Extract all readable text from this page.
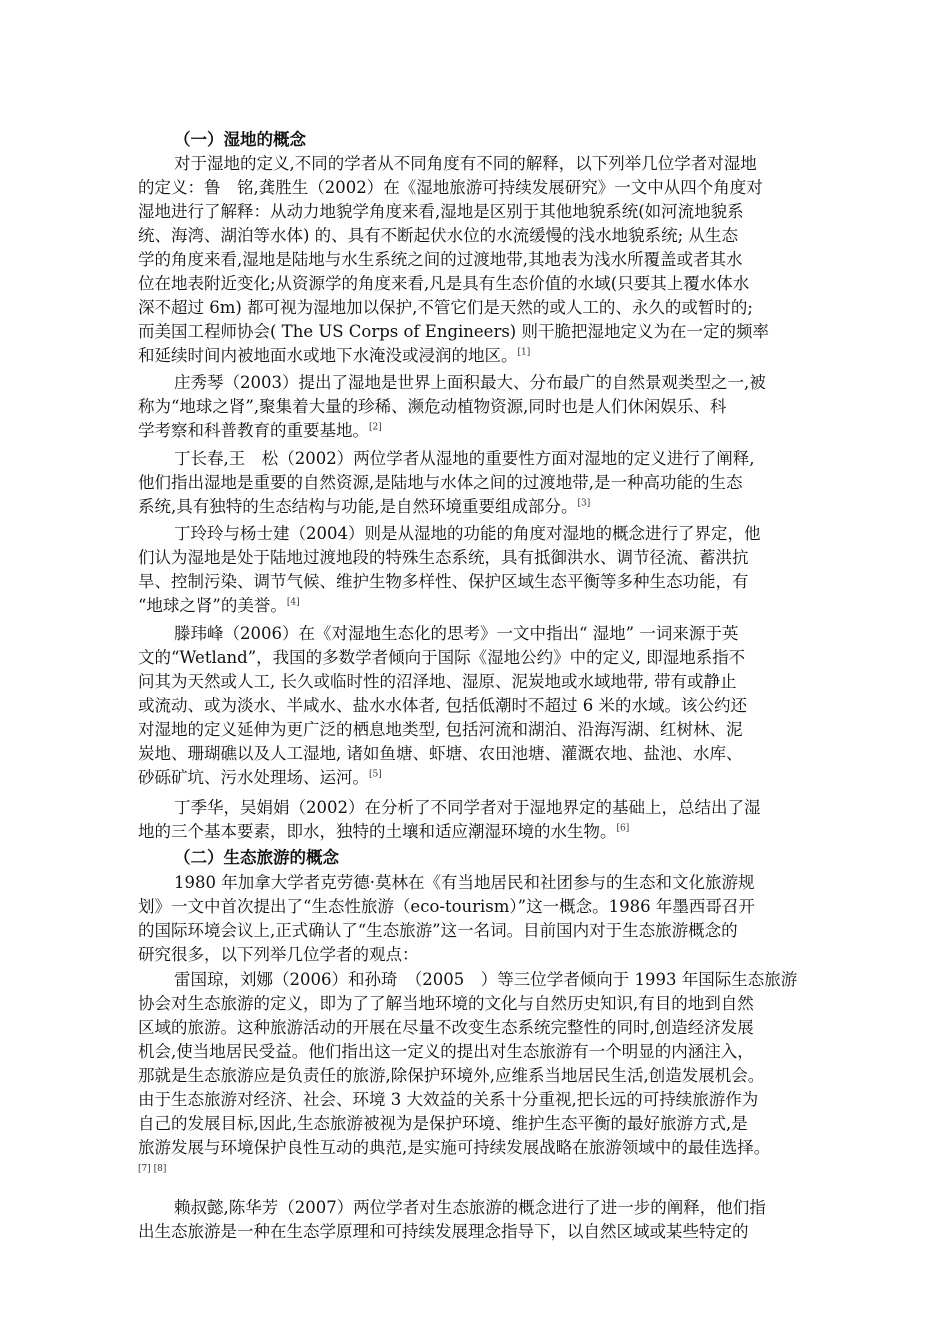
（一）湿地的概念
对于湿地的定义,不同的学者从不同角度有不同的解释，以下列举几位学者对湿地
的定义：鲁　铭,龚胜生（2002）在《湿地旅游可持续发展研究》一文中从四个角度对
湿地进行了解释：从动力地貌学角度来看,湿地是区别于其他地貌系统(如河流地貌系
统、海湾、湖泊等水体) 的、具有不断起伏水位的水流缓慢的浅水地貌系统; 从生态
学的角度来看,湿地是陆地与水生系统之间的过渡地带,其地表为浅水所覆盖或者其水
位在地表附近变化;从资源学的角度来看,凡是具有生态价值的水域(只要其上覆水体水
深不超过 6m) 都可视为湿地加以保护,不管它们是天然的或人工的、永久的或暂时的;
而美国工程师协会( The US Corps of Engineers) 则干脆把湿地定义为在一定的频率
和延续时间内被地面水或地下水淹没或浸润的地区。[1]
庄秀琴（2003）提出了湿地是世界上面积最大、分布最广的自然景观类型之一,被
称为“地球之肾”,聚集着大量的珍稀、濒危动植物资源,同时也是人们休闲娱乐、科
学考察和科普教育的重要基地。[2]
丁长春,王　松（2002）两位学者从湿地的重要性方面对湿地的定义进行了阐释,
他们指出湿地是重要的自然资源,是陆地与水体之间的过渡地带,是一种高功能的生态
系统,具有独特的生态结构与功能,是自然环境重要组成部分。[3]
丁玲玲与杨士建（2004）则是从湿地的功能的角度对湿地的概念进行了界定，他
们认为湿地是处于陆地过渡地段的特殊生态系统，具有抵御洪水、调节径流、蓄洪抗
旱、控制污染、调节气候、维护生物多样性、保护区域生态平衡等多种生态功能，有
“地球之肾”的美誉。[4]
滕玮峰（2006）在《对湿地生态化的思考》一文中指出“ 湿地” 一词来源于英
文的“Wetland”，我国的多数学者倾向于国际《湿地公约》中的定义, 即湿地系指不
问其为天然或人工, 长久或临时性的沼泽地、湿原、泥炭地或水域地带, 带有或静止
或流动、或为淡水、半咸水、盐水水体者, 包括低潮时不超过 6 米的水域。该公约还
对湿地的定义延伸为更广泛的栖息地类型, 包括河流和湖泊、沿海泻湖、红树林、泥
炭地、珊瑚礁以及人工湿地, 诸如鱼塘、虾塘、农田池塘、灌溉农地、盐池、水库、
砂砾矿坑、污水处理场、运河。[5]
丁季华，吴娟娟（2002）在分析了不同学者对于湿地界定的基础上，总结出了湿
地的三个基本要素，即水，独特的土壤和适应潮湿环境的水生物。[6]
（二）生态旅游的概念
1980 年加拿大学者克劳德·莫林在《有当地居民和社团参与的生态和文化旅游规
划》一文中首次提出了“生态性旅游（eco-tourism）”这一概念。1986 年墨西哥召开
的国际环境会议上,正式确认了“生态旅游”这一名词。目前国内对于生态旅游概念的
研究很多，以下列举几位学者的观点：
雷国琼，刘娜（2006）和孙琦　（2005　）等三位学者倾向于 1993 年国际生态旅游
协会对生态旅游的定义，即为了了解当地环境的文化与自然历史知识,有目的地到自然
区域的旅游。这种旅游活动的开展在尽量不改变生态系统完整性的同时,创造经济发展
机会,使当地居民受益。他们指出这一定义的提出对生态旅游有一个明显的内涵注入，
那就是生态旅游应是负责任的旅游,除保护环境外,应维系当地居民生活,创造发展机会。
由于生态旅游对经济、社会、环境 3 大效益的关系十分重视,把长远的可持续旅游作为
自己的发展目标,因此,生态旅游被视为是保护环境、维护生态平衡的最好旅游方式,是
旅游发展与环境保护良性互动的典范,是实施可持续发展战略在旅游领域中的最佳选择。
[7] [8]
赖叔懿,陈华芳（2007）两位学者对生态旅游的概念进行了进一步的阐释，他们指
出生态旅游是一种在生态学原理和可持续发展理念指导下，以自然区域或某些特定的
